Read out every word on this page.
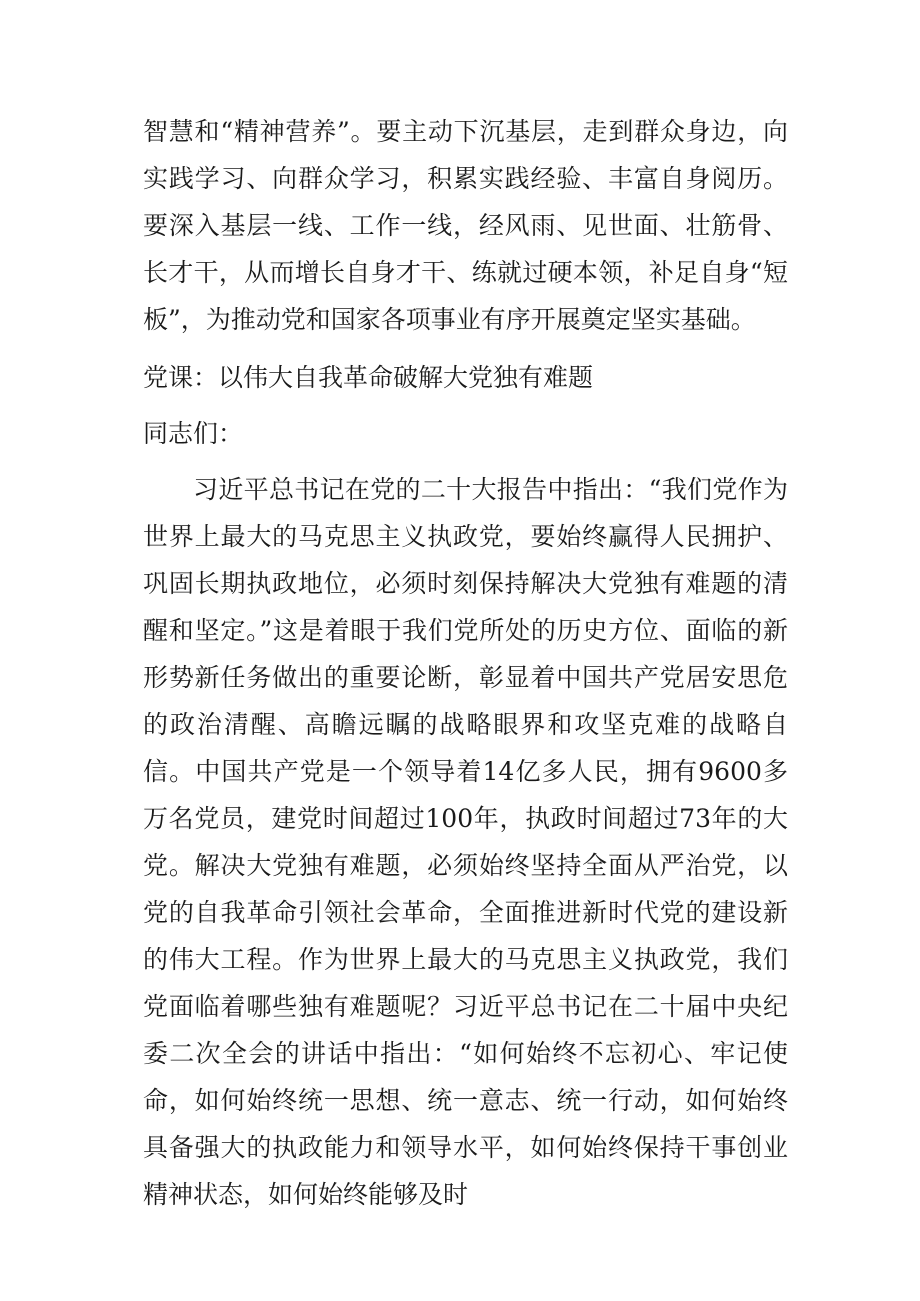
智慧和“精神营养”。要主动下沉基层，走到群众身边，向实践学习、向群众学习，积累实践经验、丰富自身阅历。要深入基层一线、工作一线，经风雨、见世面、壮筋骨、长才干，从而增长自身才干、练就过硬本领，补足自身“短板”，为推动党和国家各项事业有序开展奠定坚实基础。

党课：以伟大自我革命破解大党独有难题

同志们：

习近平总书记在党的二十大报告中指出：“我们党作为世界上最大的马克思主义执政党，要始终赢得人民拥护、巩固长期执政地位，必须时刻保持解决大党独有难题的清醒和坚定。”这是着眼于我们党所处的历史方位、面临的新形势新任务做出的重要论断，彰显着中国共产党居安思危的政治清醒、高瞻远瞩的战略眼界和攻坚克难的战略自信。中国共产党是一个领导着14亿多人民，拥有9600多万名党员，建党时间超过100年，执政时间超过73年的大党。解决大党独有难题，必须始终坚持全面从严治党，以党的自我革命引领社会革命，全面推进新时代党的建设新的伟大工程。作为世界上最大的马克思主义执政党，我们党面临着哪些独有难题呢？习近平总书记在二十届中央纪委二次全会的讲话中指出：“如何始终不忘初心、牢记使命，如何始终统一思想、统一意志、统一行动，如何始终具备强大的执政能力和领导水平，如何始终保持干事创业精神状态，如何始终能够及时
